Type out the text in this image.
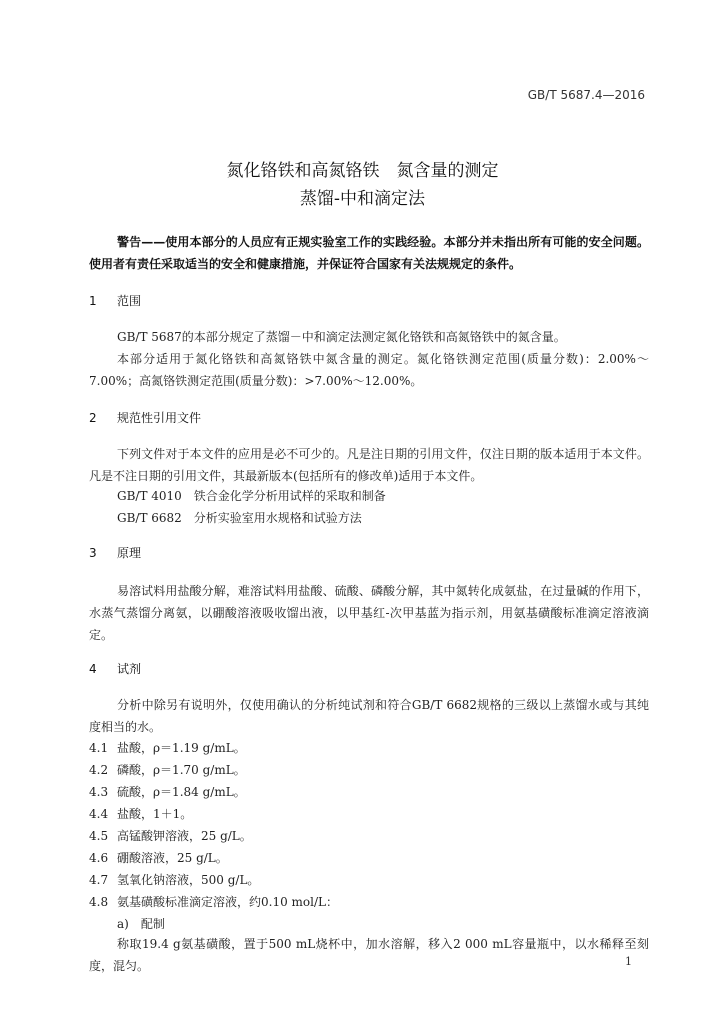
GB/T 5687.4—2016
氮化铬铁和高氮铬铁　氮含量的测定
蒸馏-中和滴定法
警告——使用本部分的人员应有正规实验室工作的实践经验。本部分并未指出所有可能的安全问题。使用者有责任采取适当的安全和健康措施，并保证符合国家有关法规规定的条件。
1 范围
GB/T 5687的本部分规定了蒸馏－中和滴定法测定氮化铬铁和高氮铬铁中的氮含量。
本部分适用于氮化铬铁和高氮铬铁中氮含量的测定。氮化铬铁测定范围(质量分数)：2.00%～7.00%；高氮铬铁测定范围(质量分数)：>7.00%～12.00%。
2 规范性引用文件
下列文件对于本文件的应用是必不可少的。凡是注日期的引用文件，仅注日期的版本适用于本文件。凡是不注日期的引用文件，其最新版本(包括所有的修改单)适用于本文件。
GB/T 4010　铁合金化学分析用试样的采取和制备
GB/T 6682　分析实验室用水规格和试验方法
3 原理
易溶试料用盐酸分解，难溶试料用盐酸、硫酸、磷酸分解，其中氮转化成氨盐，在过量碱的作用下，水蒸气蒸馏分离氨，以硼酸溶液吸收馏出液，以甲基红-次甲基蓝为指示剂，用氨基磺酸标准滴定溶液滴定。
4 试剂
分析中除另有说明外，仅使用确认的分析纯试剂和符合GB/T 6682规格的三级以上蒸馏水或与其纯度相当的水。
4.1 盐酸，ρ＝1.19 g/mL。
4.2 磷酸，ρ＝1.70 g/mL。
4.3 硫酸，ρ＝1.84 g/mL。
4.4 盐酸，1＋1。
4.5 高锰酸钾溶液，25 g/L。
4.6 硼酸溶液，25 g/L。
4.7 氢氧化钠溶液，500 g/L。
4.8 氨基磺酸标准滴定溶液，约0.10 mol/L：
a)　配制
称取19.4 g氨基磺酸，置于500 mL烧杯中，加水溶解，移入2 000 mL容量瓶中，以水稀释至刻度，混匀。	1
